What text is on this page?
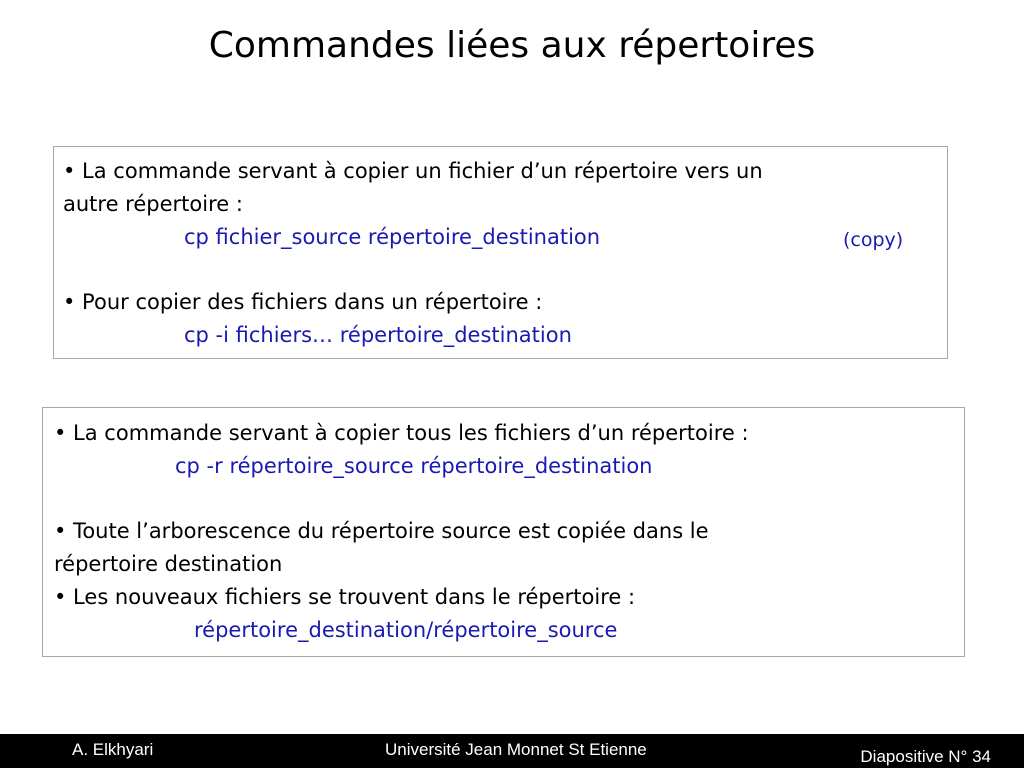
Commandes liées aux répertoires
• La commande servant à copier un fichier d’un répertoire vers un
autre répertoire :
cp fichier_source répertoire_destination	(copy)
• Pour copier des fichiers dans un répertoire :
cp -i fichiers… répertoire_destination
• La commande servant à copier tous les fichiers d’un répertoire :
cp -r répertoire_source répertoire_destination
• Toute l’arborescence du répertoire source est copiée dans le
répertoire destination
• Les nouveaux fichiers se trouvent dans le répertoire :
répertoire_destination/répertoire_source
A. Elkhyari	Université Jean Monnet St Etienne	Diapositive N° 34
